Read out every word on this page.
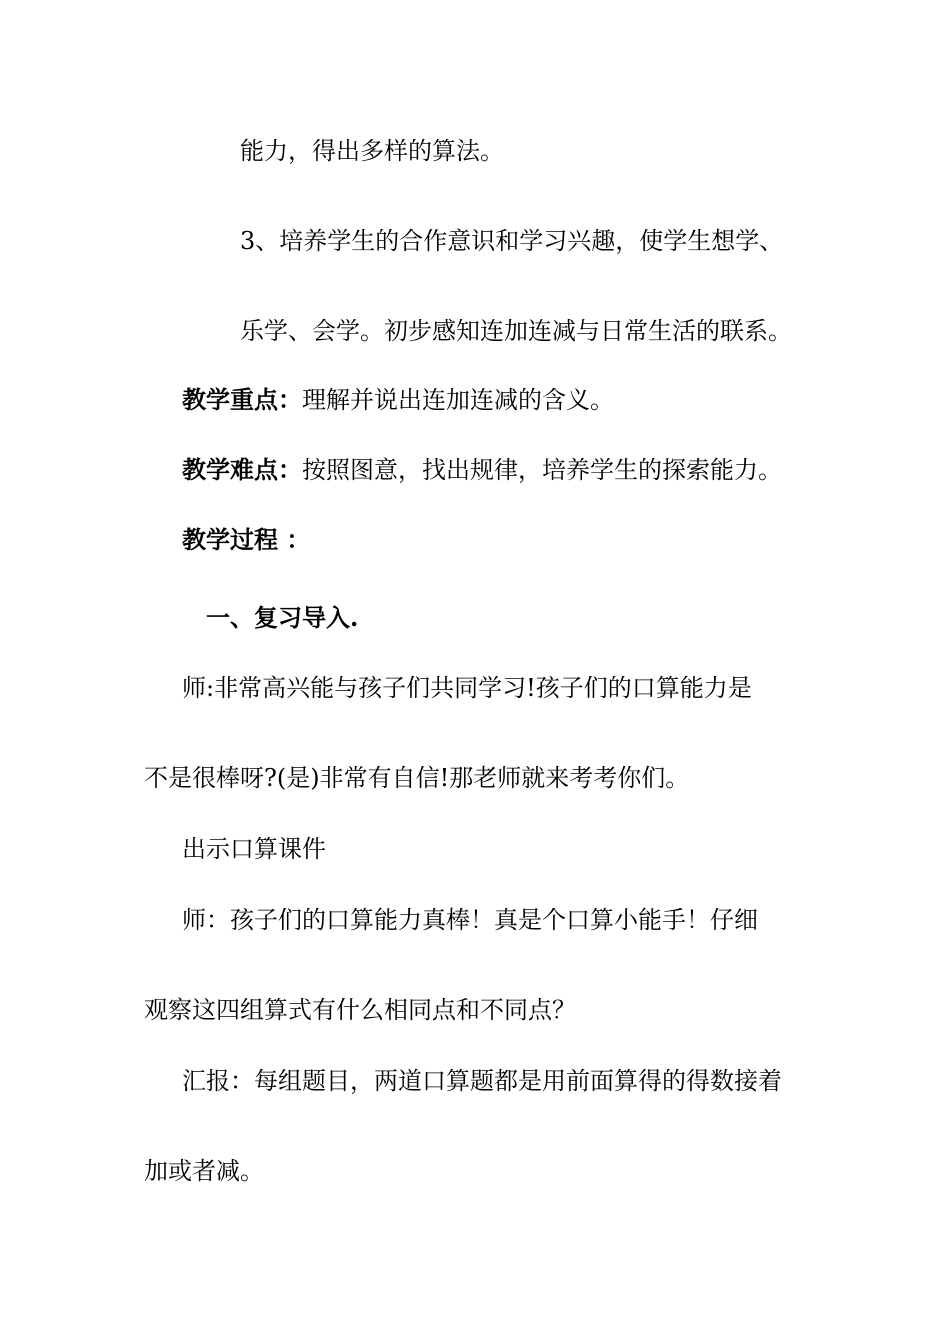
能力，得出多样的算法。

3、培养学生的合作意识和学习兴趣，使学生想学、

乐学、会学。初步感知连加连减与日常生活的联系。

教学重点：理解并说出连加连减的含义。

教学难点：按照图意，找出规律，培养学生的探索能力。

教学过程 ：

一、复习导入.

师:非常高兴能与孩子们共同学习!孩子们的口算能力是

不是很棒呀?(是)非常有自信!那老师就来考考你们。

出示口算课件

师：孩子们的口算能力真棒！真是个口算小能手！仔细

观察这四组算式有什么相同点和不同点？

汇报：每组题目，两道口算题都是用前面算得的得数接着

加或者减。
